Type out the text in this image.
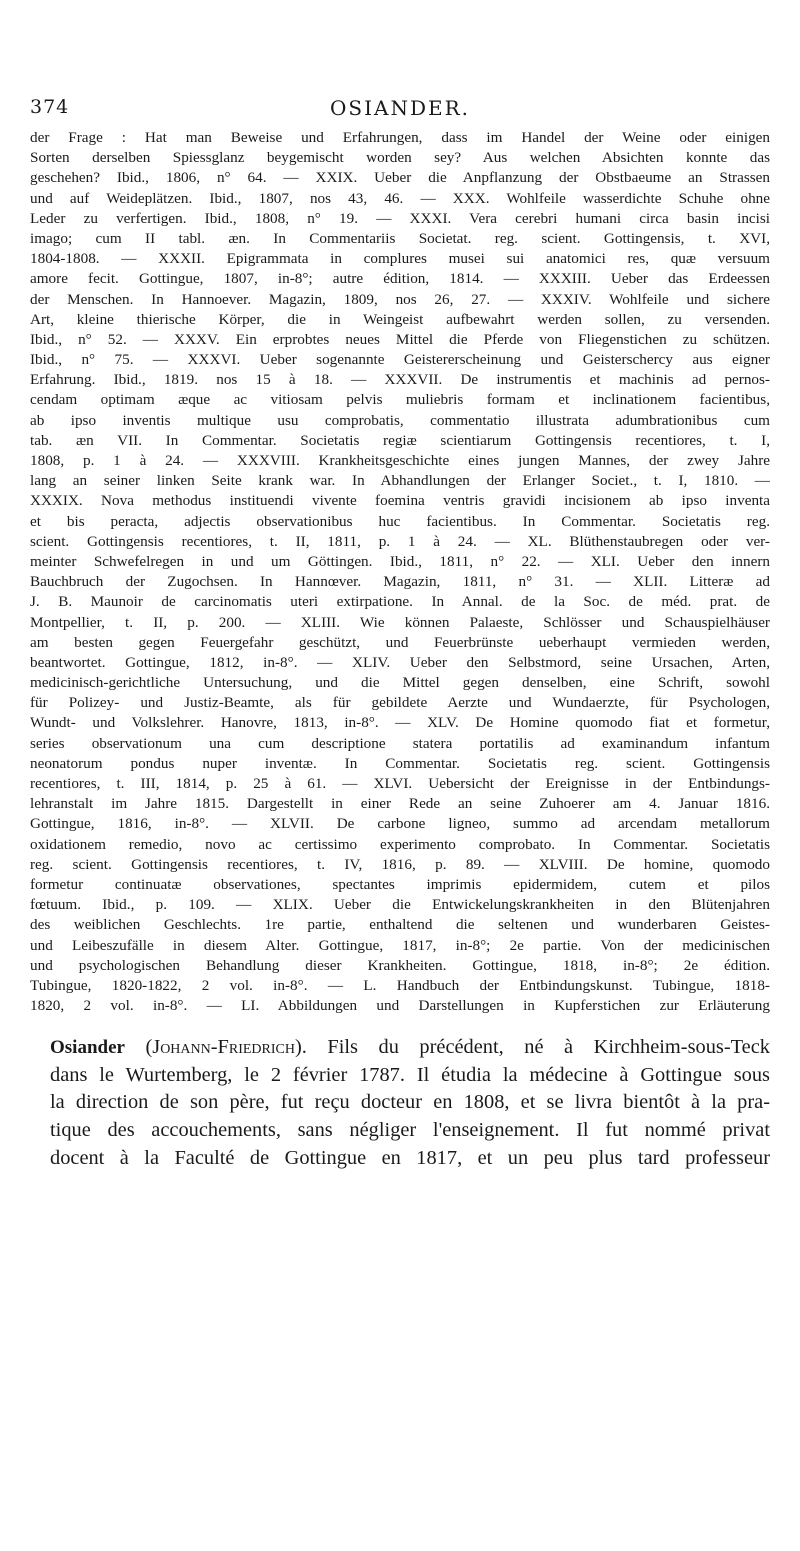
374	OSIANDER.

der Frage : Hat man Beweise und Erfahrungen, dass im Handel der Weine oder einigen

Sorten derselben Spiessglanz beygemischt worden sey? Aus welchen Absichten konnte das

geschehen? Ibid., 1806, n° 64. — XXIX. Ueber die Anpflanzung der Obstbaeume an Strassen

und auf Weideplätzen. Ibid., 1807, nos 43, 46. — XXX. Wohlfeile wasserdichte Schuhe ohne

Leder zu verfertigen. Ibid., 1808, n° 19. — XXXI. Vera cerebri humani circa basin incisi

imago; cum II tabl. æn. In Commentariis Societat. reg. scient. Gottingensis, t. XVI,

1804-1808. — XXXII. Epigrammata in complures musei sui anatomici res, quæ versuum

amore fecit. Gottingue, 1807, in-8°; autre édition, 1814. — XXXIII. Ueber das Erdeessen

der Menschen. In Hannoever. Magazin, 1809, nos 26, 27. — XXXIV. Wohlfeile und sichere

Art, kleine thierische Körper, die in Weingeist aufbewahrt werden sollen, zu versenden.

Ibid., n° 52. — XXXV. Ein erprobtes neues Mittel die Pferde von Fliegenstichen zu schützen.

Ibid., n° 75. — XXXVI. Ueber sogenannte Geistererscheinung und Geisterschercy aus eigner

Erfahrung. Ibid., 1819. nos 15 à 18. — XXXVII. De instrumentis et machinis ad pernos-

cendam optimam æque ac vitiosam pelvis muliebris formam et inclinationem facientibus,

ab ipso inventis multique usu comprobatis, commentatio illustrata adumbrationibus cum

tab. æn VII. In Commentar. Societatis regiæ scientiarum Gottingensis recentiores, t. I,

1808, p. 1 à 24. — XXXVIII. Krankheitsgeschichte eines jungen Mannes, der zwey Jahre

lang an seiner linken Seite krank war. In Abhandlungen der Erlanger Societ., t. I, 1810. —

XXXIX. Nova methodus instituendi vivente foemina ventris gravidi incisionem ab ipso inventa

et bis peracta, adjectis observationibus huc facientibus. In Commentar. Societatis reg.

scient. Gottingensis recentiores, t. II, 1811, p. 1 à 24. — XL. Blüthenstaubregen oder ver-

meinter Schwefelregen in und um Göttingen. Ibid., 1811, n° 22. — XLI. Ueber den innern

Bauchbruch der Zugochsen. In Hannœver. Magazin, 1811, n° 31. — XLII. Litteræ ad

J. B. Maunoir de carcinomatis uteri extirpatione. In Annal. de la Soc. de méd. prat. de

Montpellier, t. II, p. 200. — XLIII. Wie können Palaeste, Schlösser und Schauspielhäuser

am besten gegen Feuergefahr geschützt, und Feuerbrünste ueberhaupt vermieden werden,

beantwortet. Gottingue, 1812, in-8°. — XLIV. Ueber den Selbstmord, seine Ursachen, Arten,

medicinisch-gerichtliche Untersuchung, und die Mittel gegen denselben, eine Schrift, sowohl

für Polizey- und Justiz-Beamte, als für gebildete Aerzte und Wundaerzte, für Psychologen,

Wundt- und Volkslehrer. Hanovre, 1813, in-8°. — XLV. De Homine quomodo fiat et formetur,

series observationum una cum descriptione statera portatilis ad examinandum infantum

neonatorum pondus nuper inventæ. In Commentar. Societatis reg. scient. Gottingensis

recentiores, t. III, 1814, p. 25 à 61. — XLVI. Uebersicht der Ereignisse in der Entbindungs-

lehranstalt im Jahre 1815. Dargestellt in einer Rede an seine Zuhoerer am 4. Januar 1816.

Gottingue, 1816, in-8°. — XLVII. De carbone ligneo, summo ad arcendam metallorum

oxidationem remedio, novo ac certissimo experimento comprobato. In Commentar. Societatis

reg. scient. Gottingensis recentiores, t. IV, 1816, p. 89. — XLVIII. De homine, quomodo

formetur continuatæ observationes, spectantes imprimis epidermidem, cutem et pilos

fœtuum. Ibid., p. 109. — XLIX. Ueber die Entwickelungskrankheiten in den Blütenjahren

des weiblichen Geschlechts. 1re partie, enthaltend die seltenen und wunderbaren Geistes-

und Leibeszufälle in diesem Alter. Gottingue, 1817, in-8°; 2e partie. Von der medicinischen

und psychologischen Behandlung dieser Krankheiten. Gottingue, 1818, in-8°; 2e édition.

Tubingue, 1820-1822, 2 vol. in-8°. — L. Handbuch der Entbindungskunst. Tubingue, 1818-

1820, 2 vol. in-8°. — LI. Abbildungen und Darstellungen in Kupferstichen zur Erläuterung

Osiander (Johann-Friedrich). Fils du précédent, né à Kirchheim-sous-Teck

dans le Wurtemberg, le 2 février 1787. Il étudia la médecine à Gottingue sous

la direction de son père, fut reçu docteur en 1808, et se livra bientôt à la pra-

tique des accouchements, sans négliger l'enseignement. Il fut nommé privat

docent à la Faculté de Gottingue en 1817, et un peu plus tard professeur
